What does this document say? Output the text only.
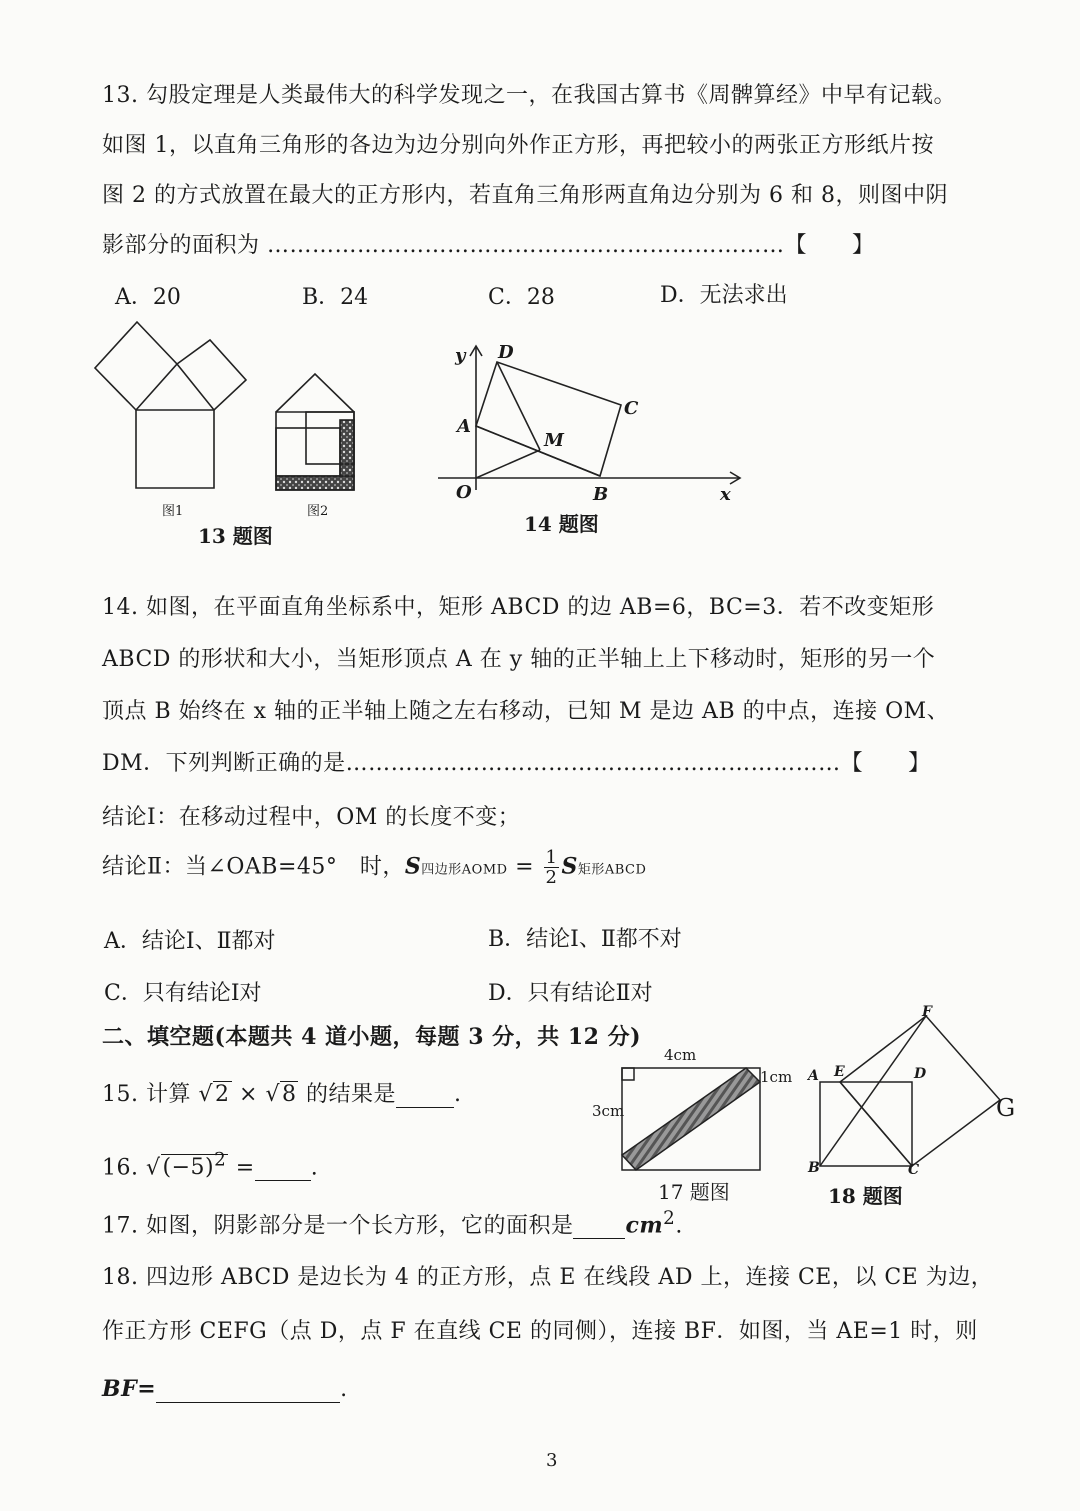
13. 勾股定理是人类最伟大的科学发现之一，在我国古算书《周髀算经》中早有记载。
如图 1，以直角三角形的各边为边分别向外作正方形，再把较小的两张正方形纸片按
图 2 的方式放置在最大的正方形内，若直角三角形两直角边分别为 6 和 8，则图中阴
影部分的面积为 ……………………………………………………………【　　】
A．20	B．24	C．28	D．无法求出
图1	图2
13 题图
y D
C
A
M
O	B	x
14 题图
14. 如图，在平面直角坐标系中，矩形 ABCD 的边 AB=6，BC=3．若不改变矩形
ABCD 的形状和大小，当矩形顶点 A 在 y 轴的正半轴上上下移动时，矩形的另一个
顶点 B 始终在 x 轴的正半轴上随之左右移动，已知 M 是边 AB 的中点，连接 OM、
DM．下列判断正确的是…………………………………………………………【　　】
结论Ⅰ：在移动过程中，OM 的长度不变；
结论Ⅱ：当∠OAB=45°　时，S四边形AOMD = $\frac{1}{2}$ S矩形ABCD
A．结论Ⅰ、Ⅱ都对	B．结论Ⅰ、Ⅱ都不对
C．只有结论Ⅰ对	D．只有结论Ⅱ对
二、填空题(本题共 4 道小题，每题 3 分，共 12 分)
15. 计算 √2 × √8 的结果是	.
16. $√(-5)^2$ =	.
17. 如图，阴影部分是一个长方形，它的面积是 $cm^2$.
18. 四边形 ABCD 是边长为 4 的正方形，点 E 在线段 AD 上，连接 CE，以 CE 为边，
作正方形 CEFG（点 D，点 F 在直线 CE 的同侧），连接 BF．如图，当 AE=1 时，则
BF=	.
4cm
1cm
3cm
17 题图
A E	D
F
G
B	C
18 题图
3
